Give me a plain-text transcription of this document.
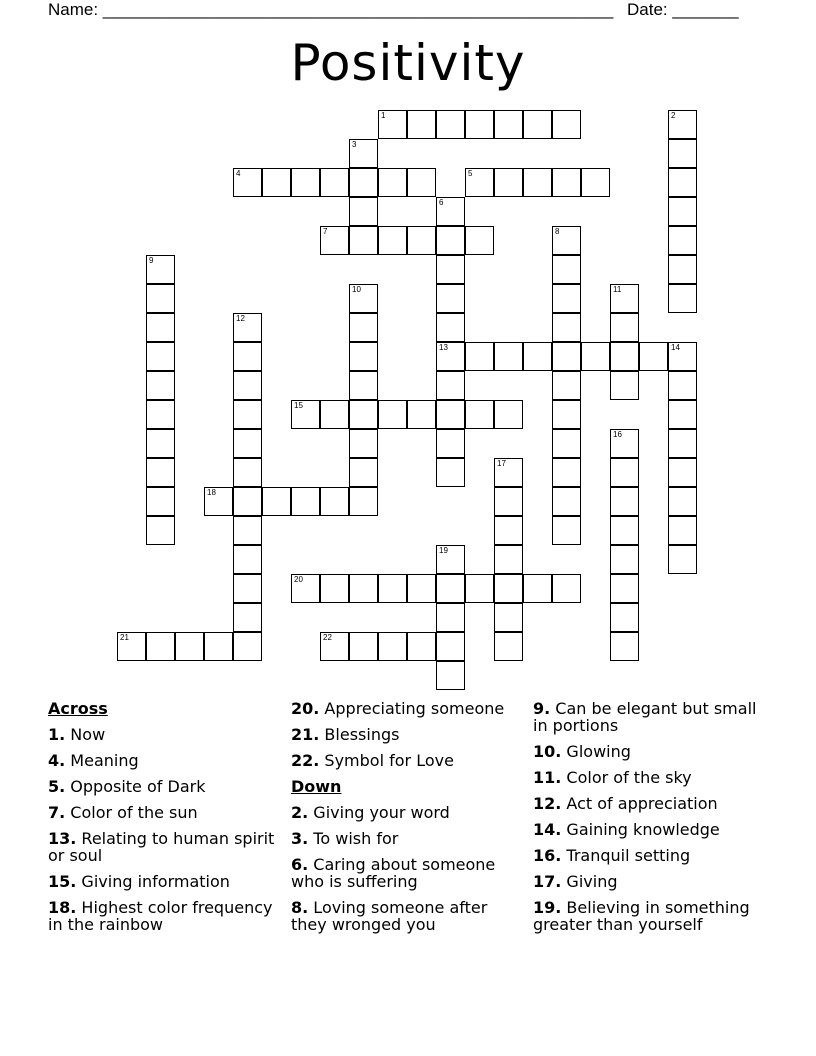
Name: ______________________________________________________ Date: _______
Positivity
1	2
3
4	5
6
13
7	8
9
10	11
12
14
15
16
17
18
19
20
21	22
Across
1. Now
4. Meaning
5. Opposite of Dark
7. Color of the sun
13. Relating to human spirit or soul
15. Giving information
18. Highest color frequency in the rainbow
20. Appreciating someone
21. Blessings
22. Symbol for Love
Down
2. Giving your word
3. To wish for
6. Caring about someone who is suffering
8. Loving someone after they wronged you
9. Can be elegant but small in portions
10. Glowing
11. Color of the sky
12. Act of appreciation
14. Gaining knowledge
16. Tranquil setting
17. Giving
19. Believing in something greater than yourself
